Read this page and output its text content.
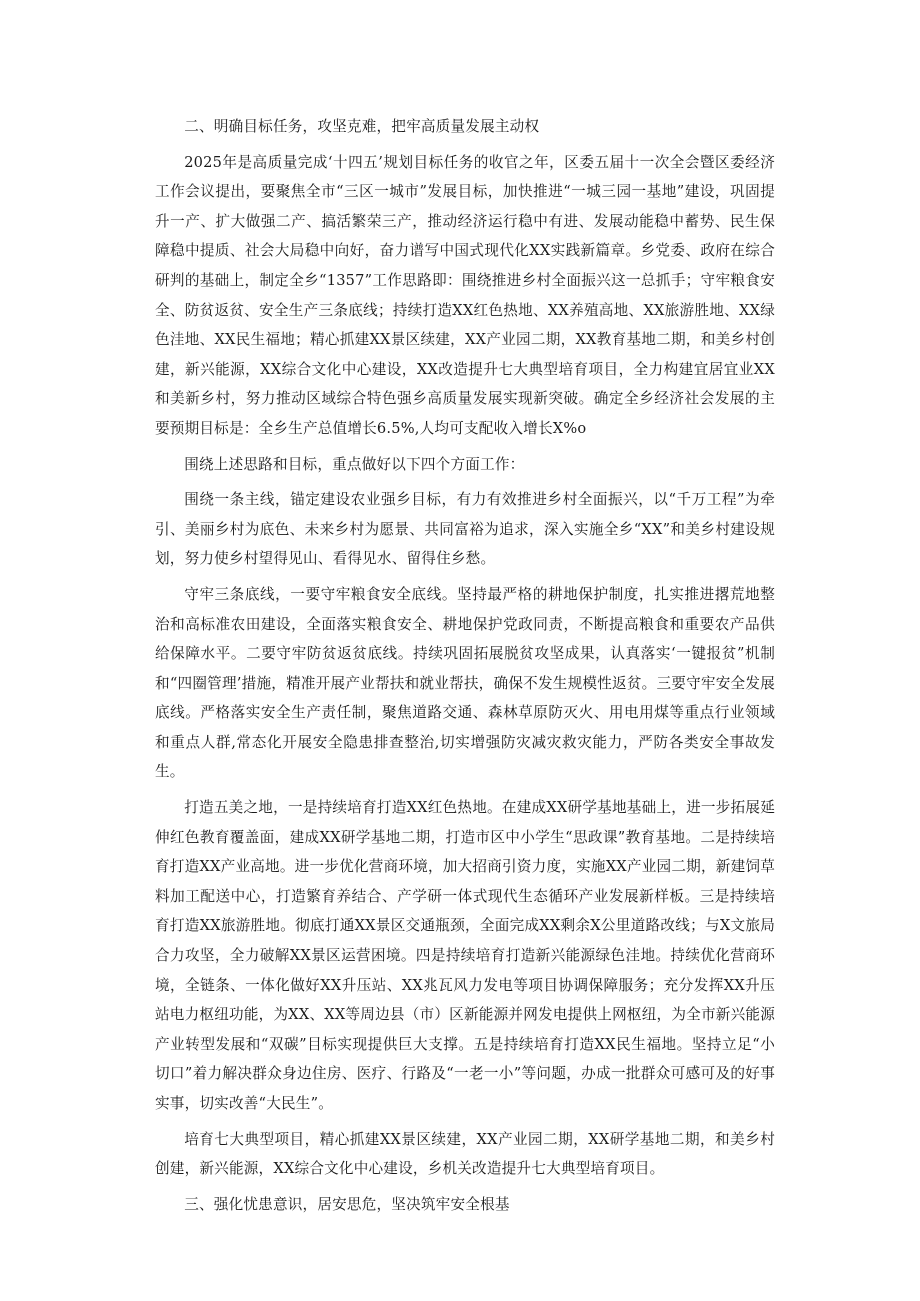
二、明确目标任务，攻坚克难，把牢高质量发展主动权

2025年是高质量完成‘十四五’规划目标任务的收官之年，区委五届十一次全会暨区委经济工作会议提出，要聚焦全市“三区一城市”发展目标，加快推进“一城三园一基地”建设，巩固提升一产、扩大做强二产、搞活繁荣三产，推动经济运行稳中有进、发展动能稳中蓄势、民生保障稳中提质、社会大局稳中向好，奋力谱写中国式现代化XX实践新篇章。乡党委、政府在综合研判的基础上，制定全乡“1357”工作思路即：围绕推进乡村全面振兴这一总抓手；守牢粮食安全、防贫返贫、安全生产三条底线；持续打造XX红色热地、XX养殖高地、XX旅游胜地、XX绿色洼地、XX民生福地；精心抓建XX景区续建，XX产业园二期，XX教育基地二期，和美乡村创建，新兴能源，XX综合文化中心建设，XX改造提升七大典型培育项目，全力构建宜居宜业XX和美新乡村，努力推动区域综合特色强乡高质量发展实现新突破。确定全乡经济社会发展的主要预期目标是：全乡生产总值增长6.5%,人均可支配收入增长X%o

围绕上述思路和目标，重点做好以下四个方面工作：

围绕一条主线，锚定建设农业强乡目标，有力有效推进乡村全面振兴，以“千万工程”为牵引、美丽乡村为底色、未来乡村为愿景、共同富裕为追求，深入实施全乡“XX”和美乡村建设规划，努力使乡村望得见山、看得见水、留得住乡愁。

守牢三条底线，一要守牢粮食安全底线。坚持最严格的耕地保护制度，扎实推进撂荒地整治和高标准农田建设，全面落实粮食安全、耕地保护党政同责，不断提高粮食和重要农产品供给保障水平。二要守牢防贫返贫底线。持续巩固拓展脱贫攻坚成果，认真落实‘一键报贫”机制和“四圈管理’措施，精准开展产业帮扶和就业帮扶，确保不发生规模性返贫。三要守牢安全发展底线。严格落实安全生产责任制，聚焦道路交通、森林草原防灭火、用电用煤等重点行业领域和重点人群,常态化开展安全隐患排查整治,切实增强防灾减灾救灾能力，严防各类安全事故发生。

打造五美之地，一是持续培育打造XX红色热地。在建成XX研学基地基础上，进一步拓展延伸红色教育覆盖面，建成XX研学基地二期，打造市区中小学生“思政课”教育基地。二是持续培育打造XX产业高地。进一步优化营商环境，加大招商引资力度，实施XX产业园二期，新建饲草料加工配送中心，打造繁育养结合、产学研一体式现代生态循环产业发展新样板。三是持续培育打造XX旅游胜地。彻底打通XX景区交通瓶颈，全面完成XX剩余X公里道路改线；与X文旅局合力攻坚，全力破解XX景区运营困境。四是持续培育打造新兴能源绿色洼地。持续优化营商环境，全链条、一体化做好XX升压站、XX兆瓦风力发电等项目协调保障服务；充分发挥XX升压站电力枢纽功能，为XX、XX等周边县（市）区新能源并网发电提供上网枢纽，为全市新兴能源产业转型发展和“双碳”目标实现提供巨大支撑。五是持续培育打造XX民生福地。坚持立足“小切口”着力解决群众身边住房、医疗、行路及“一老一小”等问题，办成一批群众可感可及的好事实事，切实改善“大民生”。

培育七大典型项目，精心抓建XX景区续建，XX产业园二期，XX研学基地二期，和美乡村创建，新兴能源，XX综合文化中心建设，乡机关改造提升七大典型培育项目。

三、强化忧患意识，居安思危，坚决筑牢安全根基
